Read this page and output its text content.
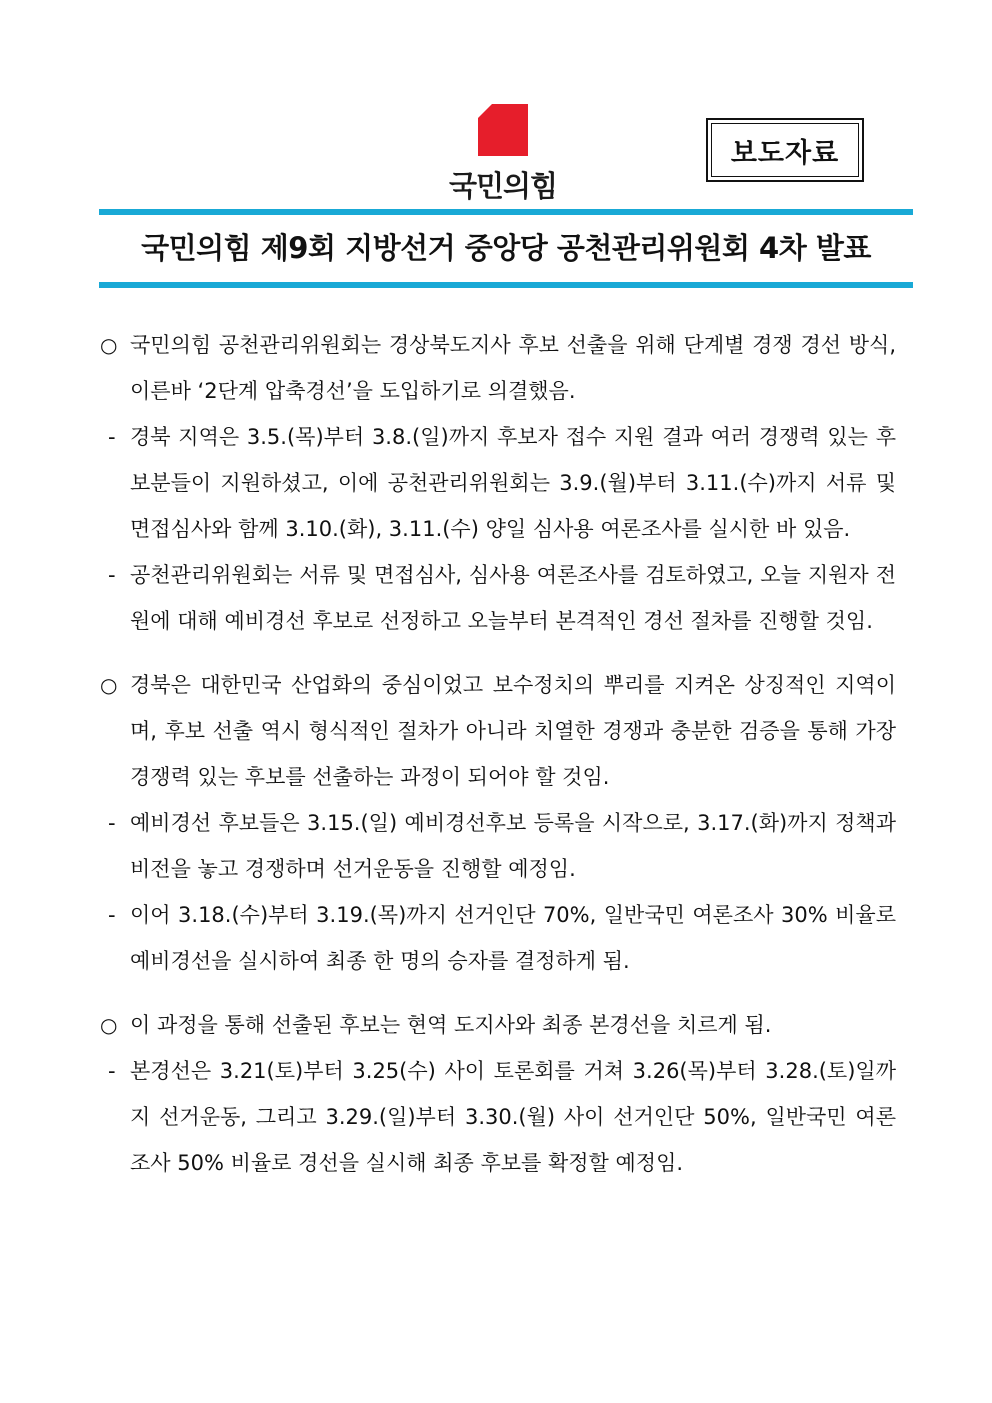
국민의힘
보도자료
국민의힘 제9회 지방선거 중앙당 공천관리위원회 4차 발표
○ 국민의힘 공천관리위원회는 경상북도지사 후보 선출을 위해 단계별 경쟁 경선 방식, 이른바 ‘2단계 압축경선’을 도입하기로 의결했음.
- 경북 지역은 3.5.(목)부터 3.8.(일)까지 후보자 접수 지원 결과 여러 경쟁력 있는 후보분들이 지원하셨고, 이에 공천관리위원회는 3.9.(월)부터 3.11.(수)까지 서류 및 면접심사와 함께 3.10.(화), 3.11.(수) 양일 심사용 여론조사를 실시한 바 있음.
- 공천관리위원회는 서류 및 면접심사, 심사용 여론조사를 검토하였고, 오늘 지원자 전원에 대해 예비경선 후보로 선정하고 오늘부터 본격적인 경선 절차를 진행할 것임.
○ 경북은 대한민국 산업화의 중심이었고 보수정치의 뿌리를 지켜온 상징적인 지역이며, 후보 선출 역시 형식적인 절차가 아니라 치열한 경쟁과 충분한 검증을 통해 가장 경쟁력 있는 후보를 선출하는 과정이 되어야 할 것임.
- 예비경선 후보들은 3.15.(일) 예비경선후보 등록을 시작으로, 3.17.(화)까지 정책과 비전을 놓고 경쟁하며 선거운동을 진행할 예정임.
- 이어 3.18.(수)부터 3.19.(목)까지 선거인단 70%, 일반국민 여론조사 30% 비율로 예비경선을 실시하여 최종 한 명의 승자를 결정하게 됨.
○ 이 과정을 통해 선출된 후보는 현역 도지사와 최종 본경선을 치르게 됨.
- 본경선은 3.21(토)부터 3.25(수) 사이 토론회를 거쳐 3.26(목)부터 3.28.(토)일까지 선거운동, 그리고 3.29.(일)부터 3.30.(월) 사이 선거인단 50%, 일반국민 여론조사 50% 비율로 경선을 실시해 최종 후보를 확정할 예정임.
